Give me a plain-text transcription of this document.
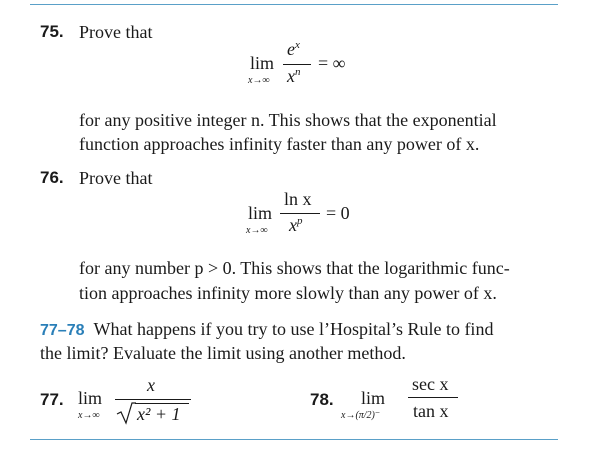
75. Prove that
lim
x→∞
$e^x$
$x^n$ = ∞
for any positive integer n. This shows that the exponential
function approaches infinity faster than any power of x.
76. Prove that
lim
x→∞
ln x
$x^p = 0$
for any number p > 0. This shows that the logarithmic func-
tion approaches infinity more slowly than any power of x.
77–78 What happens if you try to use l’Hospital’s Rule to find
the limit? Evaluate the limit using another method.
77. lim
x→∞
x
x² + 1
78. lim
x→(π/2)⁻
sec x
tan x
